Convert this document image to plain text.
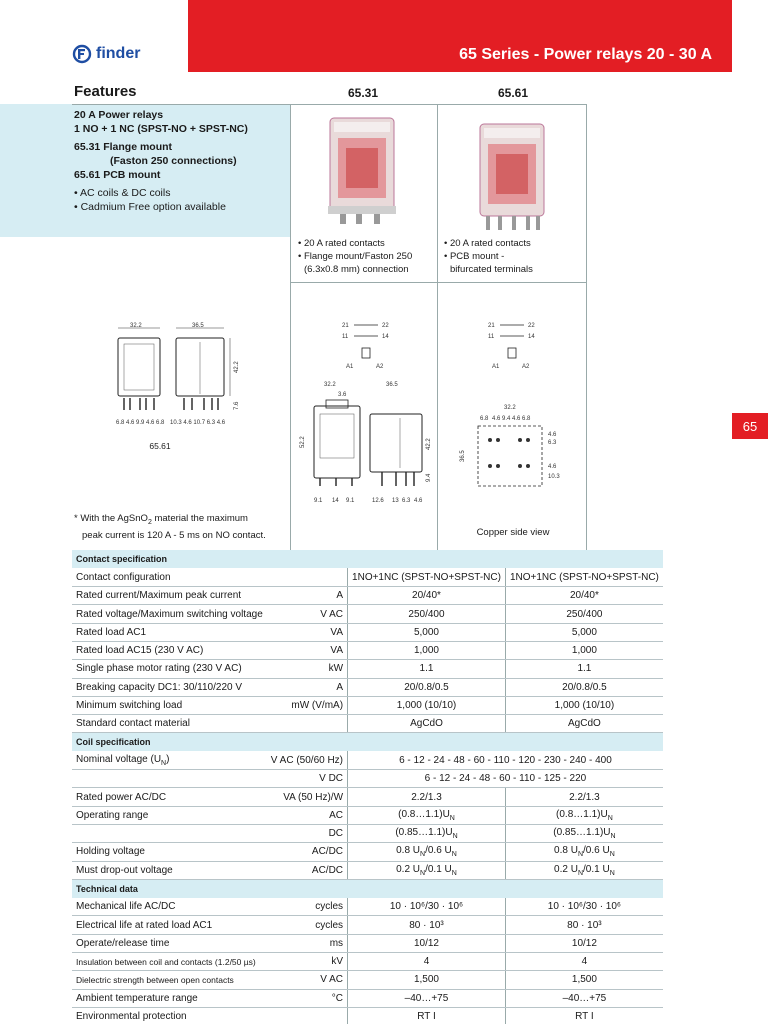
65 Series - Power relays 20 - 30 A
finder
65
Features	65.31	65.61
20 A Power relays
1 NO + 1 NC (SPST-NO + SPST-NC)
65.31 Flange mount
(Faston 250 connections)
65.61 PCB mount
• AC coils & DC coils
• Cadmium Free option available
• 20 A rated contacts
• Flange mount/Faston 250
(6.3x0.8 mm) connection
• 20 A rated contacts
• PCB mount -
bifurcated terminals
32.2	36.5
42.2
7.6
6.8 4.6 9.9 4.6 6.8 10.3 4.6 10.7 6.3 4.6
65.61
21	22
11	14
A1	A2
21	22
11	14
A1	A2
32.2	36.5
3.6
52.2	42.2
9.4
9.1 14 9.1	12.6 13 6.3 4.6
32.2
6.8 4.6 9.4 4.6 6.8
4.6
6.3
4.6
10.3
36.5
* With the AgSnO$_2$ material the maximum
peak current is 120 A - 5 ms on NO contact.	Copper side view
Contact specification			
Contact configuration		1NO+1NC (SPST-NO+SPST-NC)	1NO+1NC (SPST-NO+SPST-NC)
Rated current/Maximum peak current	A	20/40*	20/40*
Rated voltage/Maximum switching voltage	V AC	250/400	250/400
Rated load AC1	VA	5,000	5,000
Rated load AC15 (230 V AC)	VA	1,000	1,000
Single phase motor rating (230 V AC)	kW	1.1	1.1
Breaking capacity DC1: 30/110/220 V	A	20/0.8/0.5	20/0.8/0.5
Minimum switching load	mW (V/mA)	1,000 (10/10)	1,000 (10/10)
Standard contact material		AgCdO	AgCdO
Coil specification			
Nominal voltage $(U_N)$	V AC (50/60 Hz)	6 - 12 - 24 - 48 - 60 - 110 - 120 - 230 - 240 - 400	
	V DC	6 - 12 - 24 - 48 - 60 - 110 - 125 - 220	
Rated power AC/DC	VA (50 Hz)/W	2.2/1.3	2.2/1.3
Operating range	AC	$(0.8\dots 1.1)U_N$	$(0.8\dots 1.1)U_N$
	DC	$(0.85\dots 1.1)U_N$	$(0.85\dots 1.1)U_N$
Holding voltage	AC/DC	0.8 $U_N/0.6$ $U_N$	0.8 $U_N/0.6$ $U_N$
Must drop-out voltage	AC/DC	0.2 $U_N/0.1$ $U_N$	0.2 $U_N/0.1$ $U_N$
Technical data			
Mechanical life AC/DC	cycles	10 · 10⁶/30 · 10⁶	10 · 10⁶/30 · 10⁶
Electrical life at rated load AC1	cycles	80 · 10³	80 · 10³
Operate/release time	ms	10/12	10/12
Insulation between coil and contacts (1.2/50 µs)	kV	4	4
Dielectric strength between open contacts	V AC	1,500	1,500
Ambient temperature range	°C	–40…+75	–40…+75
Environmental protection		RT I	RT I
